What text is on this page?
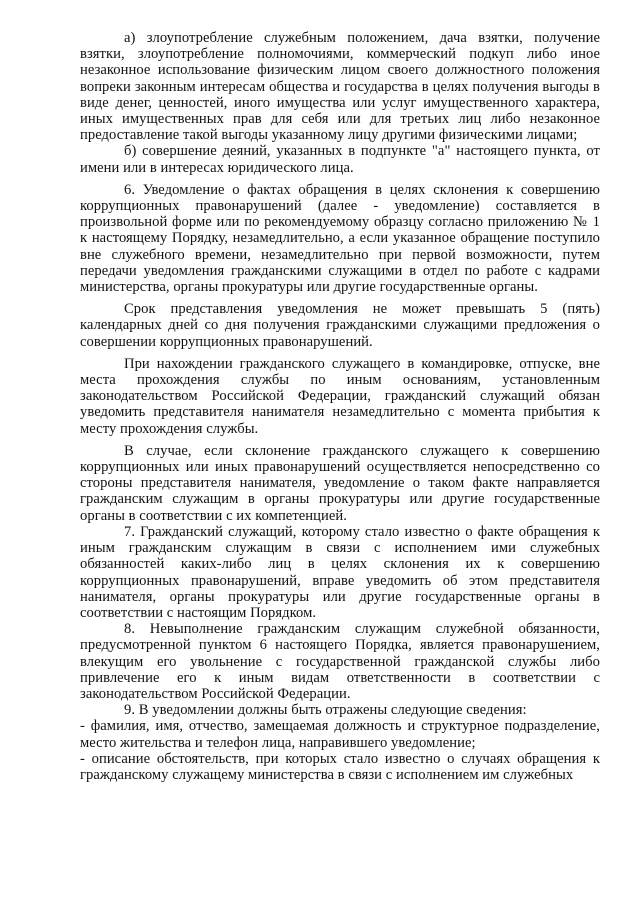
а) злоупотребление служебным положением, дача взятки, получение взятки, злоупотребление полномочиями, коммерческий подкуп либо иное незаконное использование физическим лицом своего должностного положения вопреки законным интересам общества и государства в целях получения выгоды в виде денег, ценностей, иного имущества или услуг имущественного характера, иных имущественных прав для себя или для третьих лиц либо незаконное предоставление такой выгоды указанному лицу другими физическими лицами;

б) совершение деяний, указанных в подпункте "а" настоящего пункта, от имени или в интересах юридического лица.

6. Уведомление о фактах обращения в целях склонения к совершению коррупционных правонарушений (далее - уведомление) составляется в произвольной форме или по рекомендуемому образцу согласно приложению № 1 к настоящему Порядку, незамедлительно, а если указанное обращение поступило вне служебного времени, незамедлительно при первой возможности, путем передачи уведомления гражданскими служащими в отдел по работе с кадрами министерства, органы прокуратуры или другие государственные органы.

Срок представления уведомления не может превышать 5 (пять) календарных дней со дня получения гражданскими служащими предложения о совершении коррупционных правонарушений.

При нахождении гражданского служащего в командировке, отпуске, вне места прохождения службы по иным основаниям, установленным законодательством Российской Федерации, гражданский служащий обязан уведомить представителя нанимателя незамедлительно с момента прибытия к месту прохождения службы.

В случае, если склонение гражданского служащего к совершению коррупционных или иных правонарушений осуществляется непосредственно со стороны представителя нанимателя, уведомление о таком факте направляется гражданским служащим в органы прокуратуры или другие государственные органы в соответствии с их компетенцией.

7. Гражданский служащий, которому стало известно о факте обращения к иным гражданским служащим в связи с исполнением ими служебных обязанностей каких-либо лиц в целях склонения их к совершению коррупционных правонарушений, вправе уведомить об этом представителя нанимателя, органы прокуратуры или другие государственные органы в соответствии с настоящим Порядком.

8. Невыполнение гражданским служащим служебной обязанности, предусмотренной пунктом 6 настоящего Порядка, является правонарушением, влекущим его увольнение с государственной гражданской службы либо привлечение его к иным видам ответственности в соответствии с законодательством Российской Федерации.

9. В уведомлении должны быть отражены следующие сведения:

- фамилия, имя, отчество, замещаемая должность и структурное подразделение, место жительства и телефон лица, направившего уведомление;

- описание обстоятельств, при которых стало известно о случаях обращения к гражданскому служащему министерства в связи с исполнением им служебных
